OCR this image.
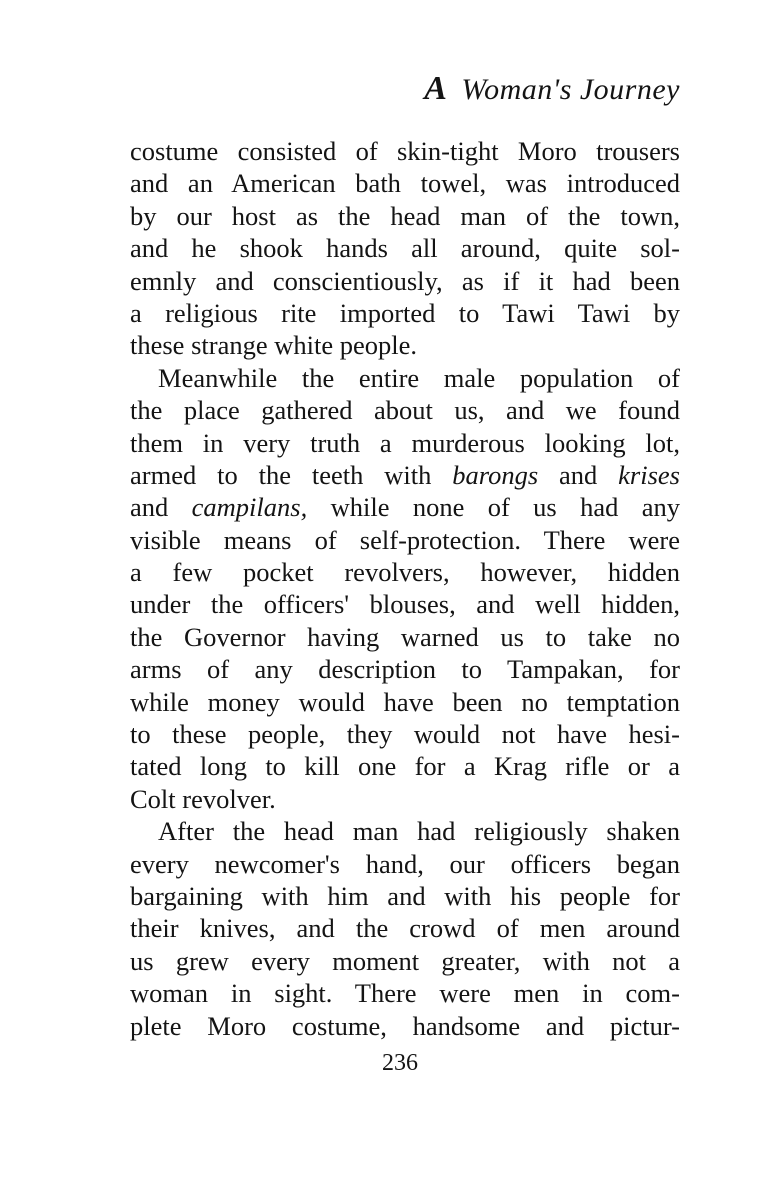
A Woman's Journey
costume consisted of skin-tight Moro trousers
and an American bath towel, was introduced
by our host as the head man of the town,
and he shook hands all around, quite sol-
emnly and conscientiously, as if it had been
a religious rite imported to Tawi Tawi by
these strange white people.
Meanwhile the entire male population of
the place gathered about us, and we found
them in very truth a murderous looking lot,
armed to the teeth with barongs and krises
and campilans, while none of us had any
visible means of self-protection. There were
a few pocket revolvers, however, hidden
under the officers' blouses, and well hidden,
the Governor having warned us to take no
arms of any description to Tampakan, for
while money would have been no temptation
to these people, they would not have hesi-
tated long to kill one for a Krag rifle or a
Colt revolver.
After the head man had religiously shaken
every newcomer's hand, our officers began
bargaining with him and with his people for
their knives, and the crowd of men around
us grew every moment greater, with not a
woman in sight. There were men in com-
plete Moro costume, handsome and pictur-
236
